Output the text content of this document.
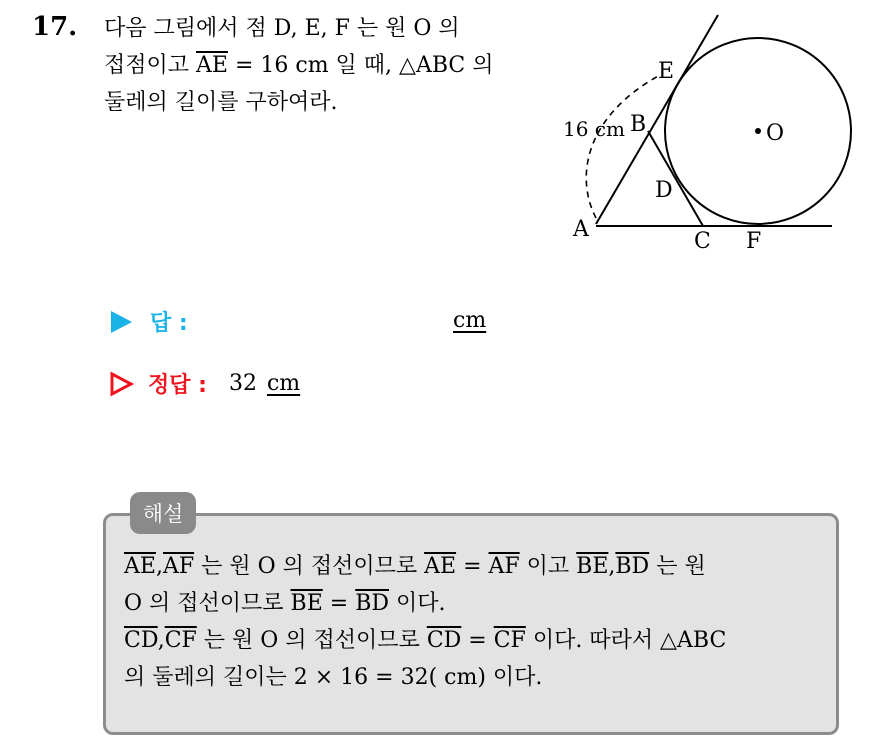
17. 다음 그림에서 점 D, E, F 는 원 O 의
접점이고 $\overline{AE} = 16$ cm 일 때, △ABC 의
둘레의 길이를 구하여라.
E
B	O
D
A	C F
16 cm
답 :	cm
정답 : 32 cm
해설
$\overline{AE},\overline{AF}$ 는 원 O 의 접선이므로 $\overline{AE} = \overline{AF}$ 이고 $\overline{BE},\overline{BD}$ 는 원
O 의 접선이므로 $\overline{BE} = \overline{BD}$ 이다.
$\overline{CD},\overline{CF}$ 는 원 O 의 접선이므로 $\overline{CD} = \overline{CF}$ 이다. 따라서 △ABC
의 둘레의 길이는 2 × 16 = 32( cm) 이다.
